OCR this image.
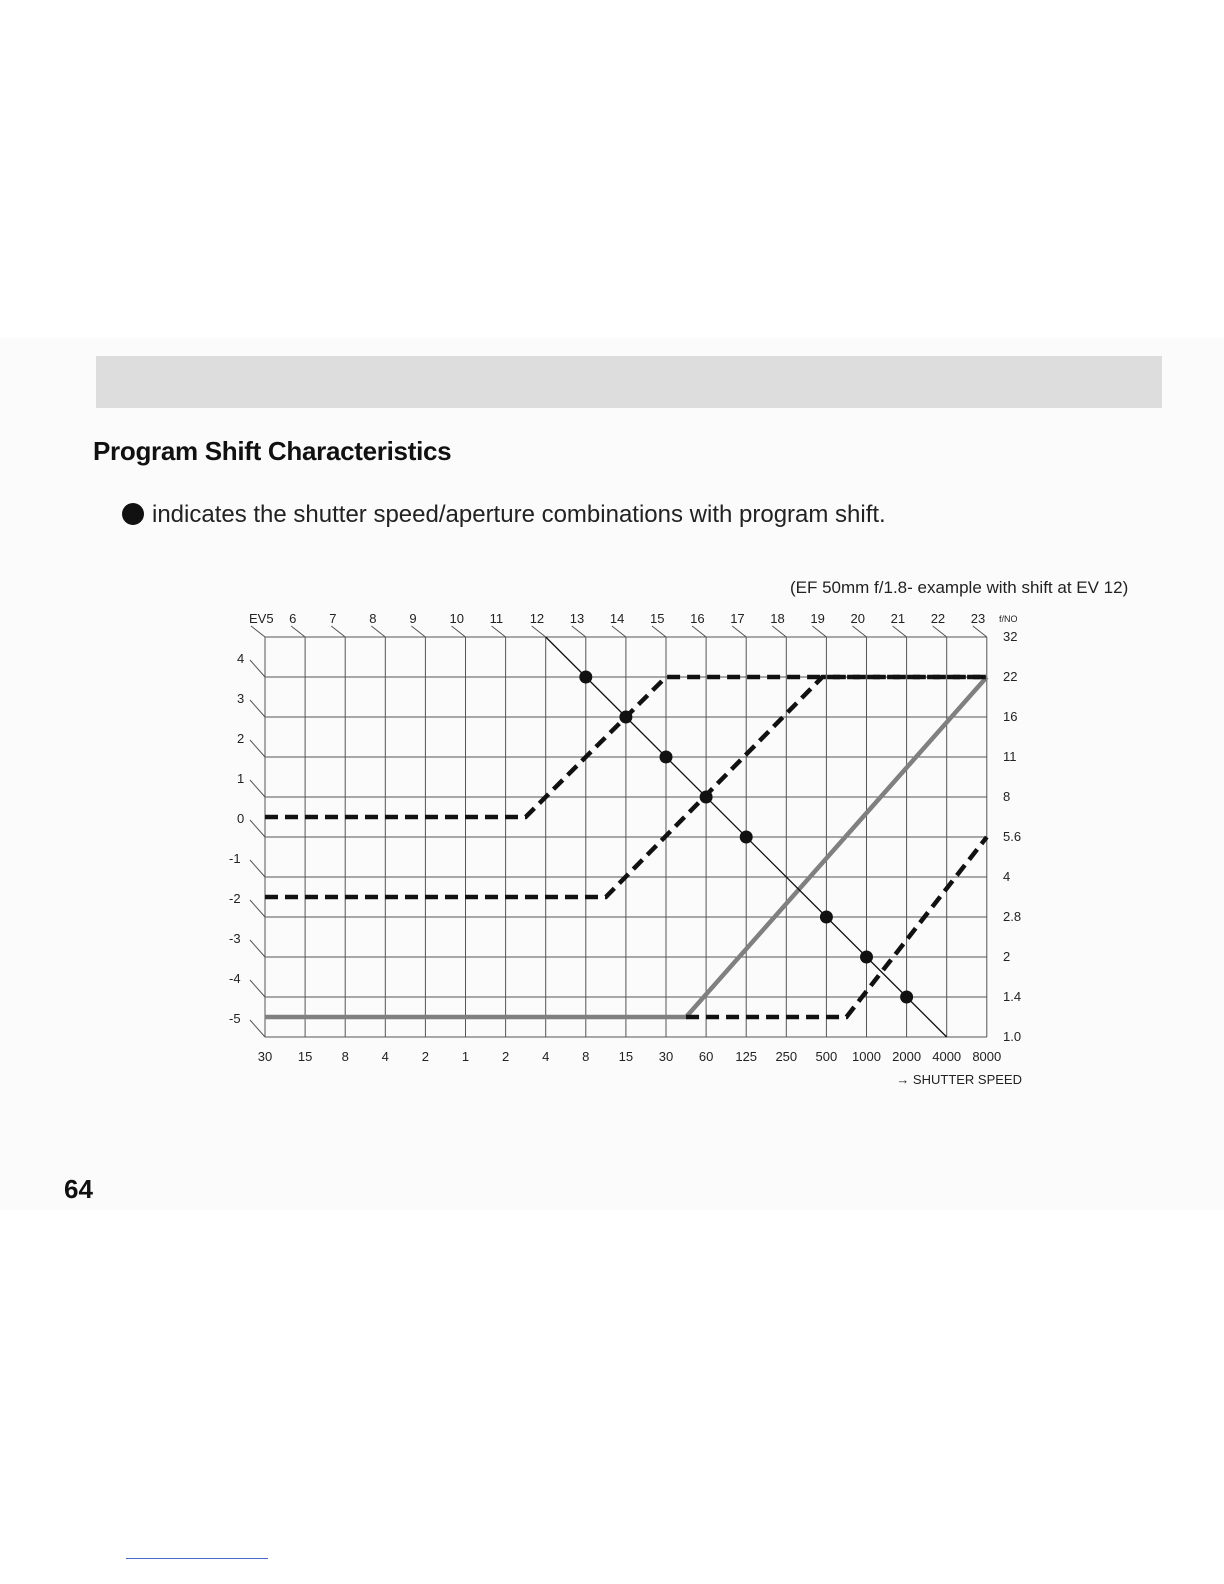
Program Shift Characteristics
indicates the shutter speed/aperture combinations with program shift.
(EF 50mm f/1.8- example with shift at EV 12)
EV5 6	7	8	9	10 11 12 13 14 15 16 17 18 19 20 21 22 23
4
3
2
1
0
-1
-2
-3
-4
-5
30 15 8	4	2	1	2	4	8 15 30 60 125 250 500 1000 2000 4000 8000
→ SHUTTER SPEED
32
22
16
11
8
5.6
4
2.8
2
1.4
1.0
f/NO
64
